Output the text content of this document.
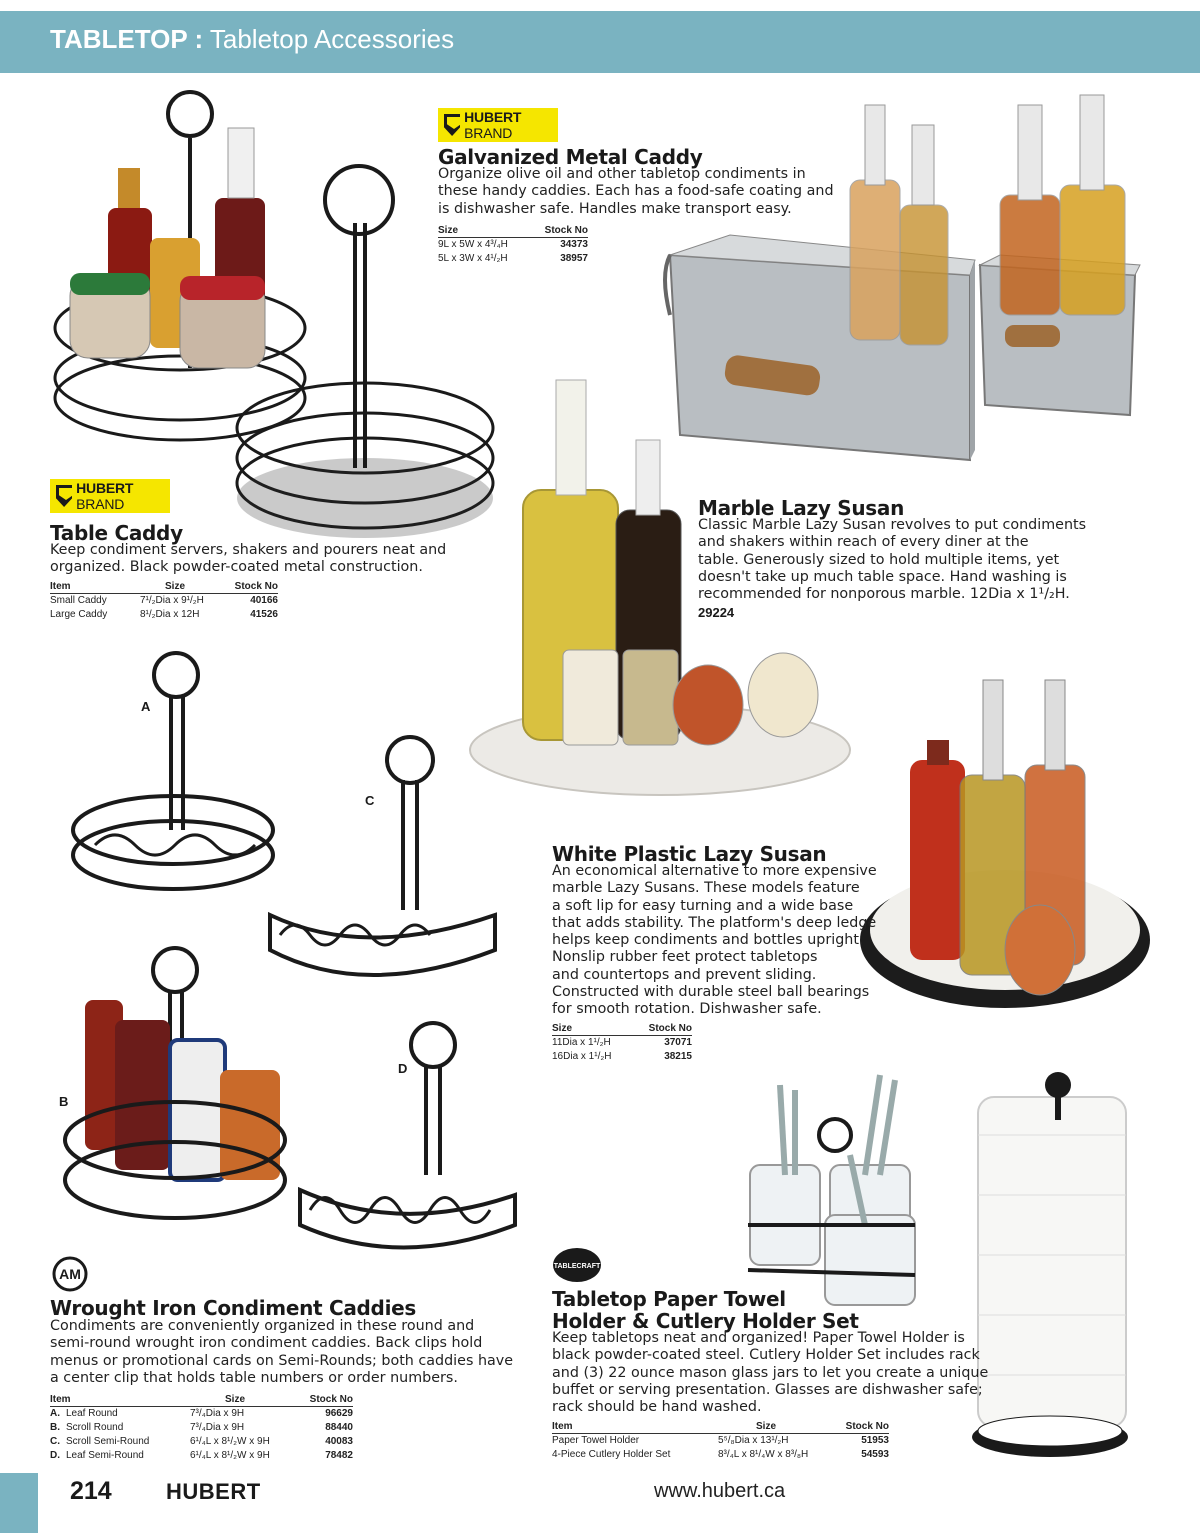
TABLETOP : Tabletop Accessories
HUBERT BRAND
Galvanized Metal Caddy

Organize olive oil and other tabletop condiments in

these handy caddies. Each has a food-safe coating and

is dishwasher safe. Handles make transport easy.

Size	Stock No
9L x 5W x 4³/₄H	34373
5L x 3W x 4¹/₂H	38957
HUBERT BRAND
Table Caddy

Keep condiment servers, shakers and pourers neat and

organized. Black powder-coated metal construction.

Item	Size	Stock No
Small Caddy	7¹/₂Dia x 9¹/₂H	40166
Large Caddy	8¹/₂Dia x 12H	41526
Marble Lazy Susan

Classic Marble Lazy Susan revolves to put condiments

and shakers within reach of every diner at the

table. Generously sized to hold multiple items, yet

doesn't take up much table space. Hand washing is

recommended for nonporous marble. 12Dia x 1¹/₂H.

29224
White Plastic Lazy Susan

An economical alternative to more expensive

marble Lazy Susans. These models feature

a soft lip for easy turning and a wide base

that adds stability. The platform's deep ledge

helps keep condiments and bottles upright.

Nonslip rubber feet protect tabletops

and countertops and prevent sliding.

Constructed with durable steel ball bearings

for smooth rotation. Dishwasher safe.

Size	Stock No
11Dia x 1¹/₂H	37071
16Dia x 1¹/₂H	38215
A
C
D
B
AM
Wrought Iron Condiment Caddies

Condiments are conveniently organized in these round and

semi-round wrought iron condiment caddies. Back clips hold

menus or promotional cards on Semi-Rounds; both caddies have

a center clip that holds table numbers or order numbers.

Item	Size	Stock No
A. Leaf Round	7³/₄Dia x 9H	96629
B. Scroll Round	7³/₄Dia x 9H	88440
C. Scroll Semi-Round	6¹/₄L x 8¹/₂W x 9H	40083
D. Leaf Semi-Round	6¹/₄L x 8¹/₂W x 9H	78482
TABLECRAFT
Tabletop Paper Towel
Holder & Cutlery Holder Set

Keep tabletops neat and organized! Paper Towel Holder is

black powder-coated steel. Cutlery Holder Set includes rack

and (3) 22 ounce mason glass jars to let you create a unique

buffet or serving presentation. Glasses are dishwasher safe;

rack should be hand washed.

Item	Size	Stock No
Paper Towel Holder	5⁵/₈Dia x 13¹/₂H	51953
4-Piece Cutlery Holder Set	8³/₄L x 8¹/₄W x 8³/₈H	54593
214 HUBERT	www.hubert.ca
